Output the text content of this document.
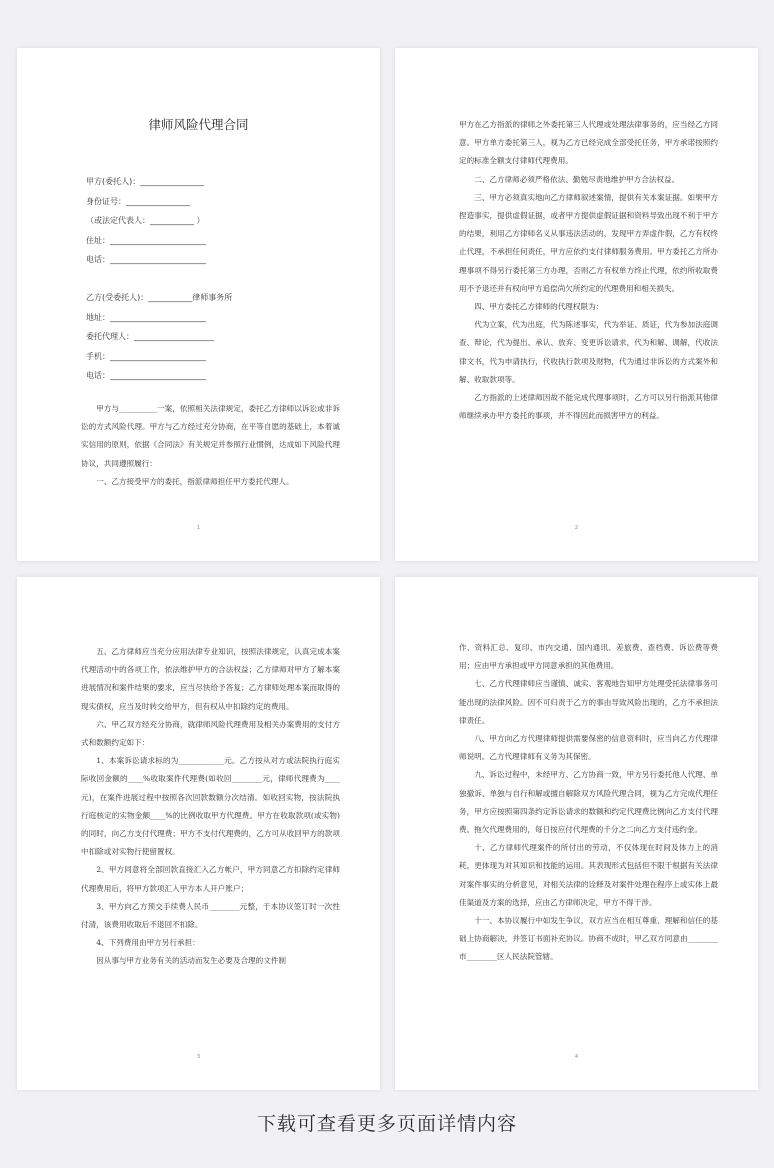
律师风险代理合同
甲方(委托人)：________________
身份证号：________________
（或法定代表人：___________ ）
住址：________________________
电话：________________________
乙方(受委托人)：___________律师事务所
地址：________________________
委托代理人：____________________
手机：________________________
电话：________________________

甲方与__________一案，依照相关法律规定，委托乙方律师以诉讼或非诉讼的方式风险代理。甲方与乙方经过充分协商，在平等自愿的基础上，本着诚实信用的原则，依据《合同法》有关规定并参照行业惯例，达成如下风险代理协议，共同遵照履行：

一、乙方接受甲方的委托，指派律师担任甲方委托代理人。

1

甲方在乙方指派的律师之外委托第三人代理或处理法律事务的，应当经乙方同意。甲方单方委托第三人，视为乙方已经完成全部受托任务，甲方承诺按照约定的标准全额支付律师代理费用。

二、乙方律师必须严格依法、勤勉尽责地维护甲方合法权益。

三、甲方必须真实地向乙方律师叙述案情，提供有关本案证据。如果甲方捏造事实，提供虚假证据，或者甲方提供虚假证据和资料导致出现不利于甲方的结果，利用乙方律师名义从事违法活动的，发现甲方弄虚作假，乙方有权终止代理，不承担任何责任，甲方应依约支付律师服务费用。甲方委托乙方所办理事项不得另行委托第三方办理，否则乙方有权单方终止代理，依约所收取费用不予退还并有权向甲方追偿尚欠所约定的代理费用和相关损失。

四、甲方委托乙方律师的代理权限为：

代为立案，代为出庭，代为陈述事实，代为举证、质证，代为参加法庭调查、辩论，代为提出、承认、放弃、变更诉讼请求，代为和解、调解，代收法律文书，代为申请执行，代收执行款项及财物，代为通过非诉讼的方式案外和解、收取款项等。

乙方指派的上述律师因故不能完成代理事项时，乙方可以另行指派其他律师继续承办甲方委托的事项，并不得因此而损害甲方的利益。

2

五、乙方律师应当充分应用法律专业知识，按照法律规定，认真完成本案代理活动中的各项工作，依法维护甲方的合法权益；乙方律师对甲方了解本案进展情况和案件结果的要求，应当尽快给予答复；乙方律师处理本案而取得的现实债权，应当及时转交给甲方，但有权从中扣除约定的费用。

六、甲乙双方经充分协商，就律师风险代理费用及相关办案费用的支付方式和数额约定如下：

1、本案诉讼请求标的为____________元。乙方按从对方或法院执行庭实际收回金额的____%收取案件代理费(如收回________元，律师代理费为____元)，在案件进展过程中按照各次回款数额分次结清。如收回实物，按法院执行庭核定的实物金额____%的比例收取甲方代理费。甲方在收取款项(或实物)的同时，向乙方支付代理费；甲方不支付代理费的，乙方可从收回甲方的款项中扣除或对实物行使留置权。

2、甲方同意将全部回款直接汇入乙方帐户，甲方同意乙方扣除约定律师代理费用后，将甲方款项汇入甲方本人开户账户；

3、甲方向乙方预交手续费人民币________元整，于本协议签订时一次性付清，该费用收取后不退回不扣除。

4、下列费用由甲方另行承担：

因从事与甲方业务有关的活动而发生必要及合理的文件制

3

作、资料汇总、复印、市内交通、国内通讯、差旅费、查档费、诉讼费等费用；应由甲方承担或甲方同意承担的其他费用。

七、乙方代理律师应当谨慎、诚实、客观地告知甲方处理受托法律事务可能出现的法律风险。因不可归责于乙方的事由导致风险出现的，乙方不承担法律责任。

八、甲方向乙方代理律师提供需要保密的信息资料时，应当向乙方代理律师说明。乙方代理律师有义务为其保密。

九、诉讼过程中，未经甲方、乙方协商一致，甲方另行委托他人代理、单独撤诉、单独与自行和解或擅自解除双方风险代理合同，视为乙方完成代理任务，甲方应按照第四条约定诉讼请求的数额和约定代理费比例向乙方支付代理费。拖欠代理费用的，每日按应付代理费的千分之二向乙方支付违约金。

十、乙方律师代理案件的所付出的劳动，不仅体现在时间及体力上的消耗，更体现为对其知识和技能的运用。其表现形式包括但不限于根据有关法律对案件事实的分析意见，对相关法律的诠释及对案件处理在程序上或实体上最佳渠道及方案的选择，应由乙方律师决定，甲方不得干涉。

十一、本协议履行中如发生争议，双方应当在相互尊重、理解和信任的基础上协商解决，并签订书面补充协议。协商不成时，甲乙双方同意由________市________区人民法院管辖。

4
下载可查看更多页面详情内容
